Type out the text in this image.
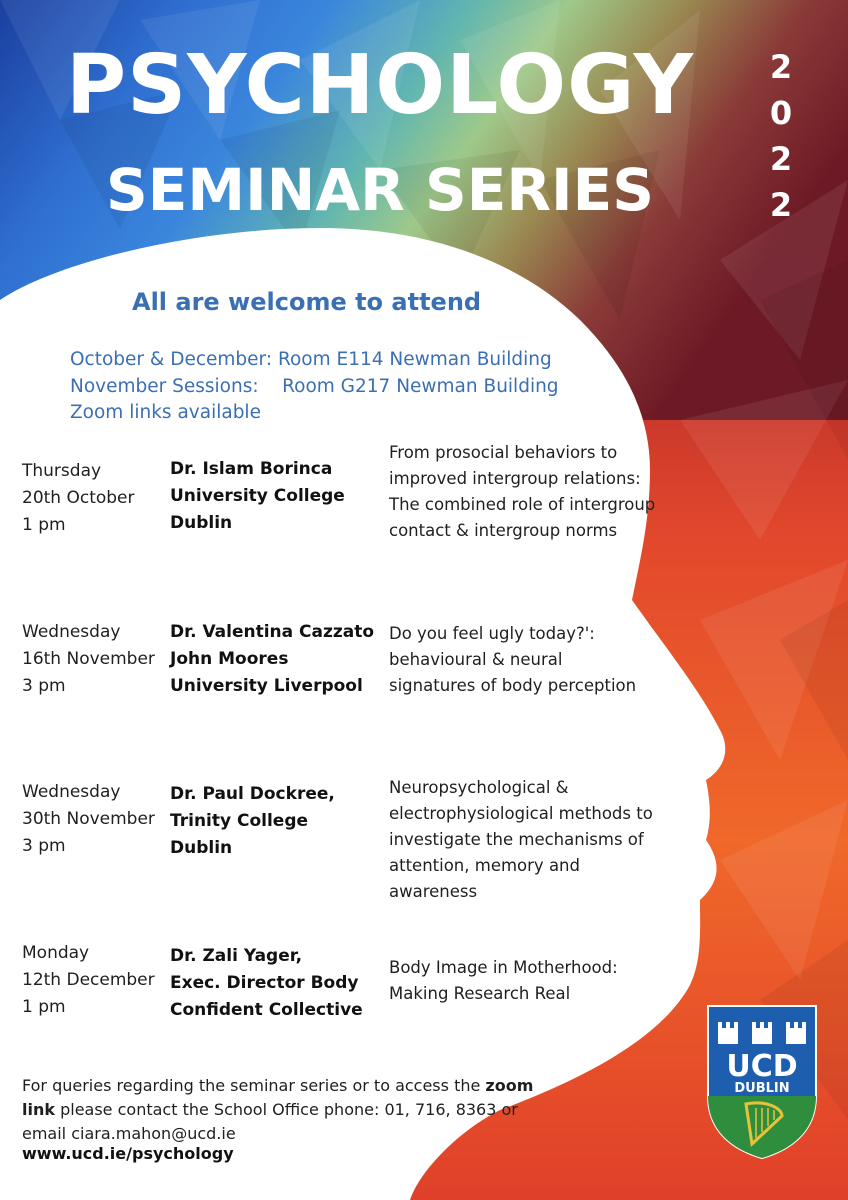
PSYCHOLOGY
SEMINAR SERIES
2
0
2
2
All are welcome to attend
October & December: Room E114 Newman Building
November Sessions:    Room G217 Newman Building
Zoom links available
Thursday
20th October
1 pm
Dr. Islam Borinca
University College
Dublin
From prosocial behaviors to
improved intergroup relations:
The combined role of intergroup
contact & intergroup norms
Wednesday
16th November
3 pm
Dr. Valentina Cazzato
John Moores
University Liverpool
Do you feel ugly today?':
behavioural & neural
signatures of body perception
Wednesday
30th November
3 pm
Dr. Paul Dockree,
Trinity College
Dublin
Neuropsychological &
electrophysiological methods to
investigate the mechanisms of
attention, memory and
awareness
Monday
12th December
1 pm
Dr. Zali Yager,
Exec. Director Body
Confident Collective
Body Image in Motherhood:
Making Research Real
For queries regarding the seminar series or to access the zoom
link please contact the School Office phone: 01, 716, 8363 or
email ciara.mahon@ucd.ie
www.ucd.ie/psychology
UCD
DUBLIN
